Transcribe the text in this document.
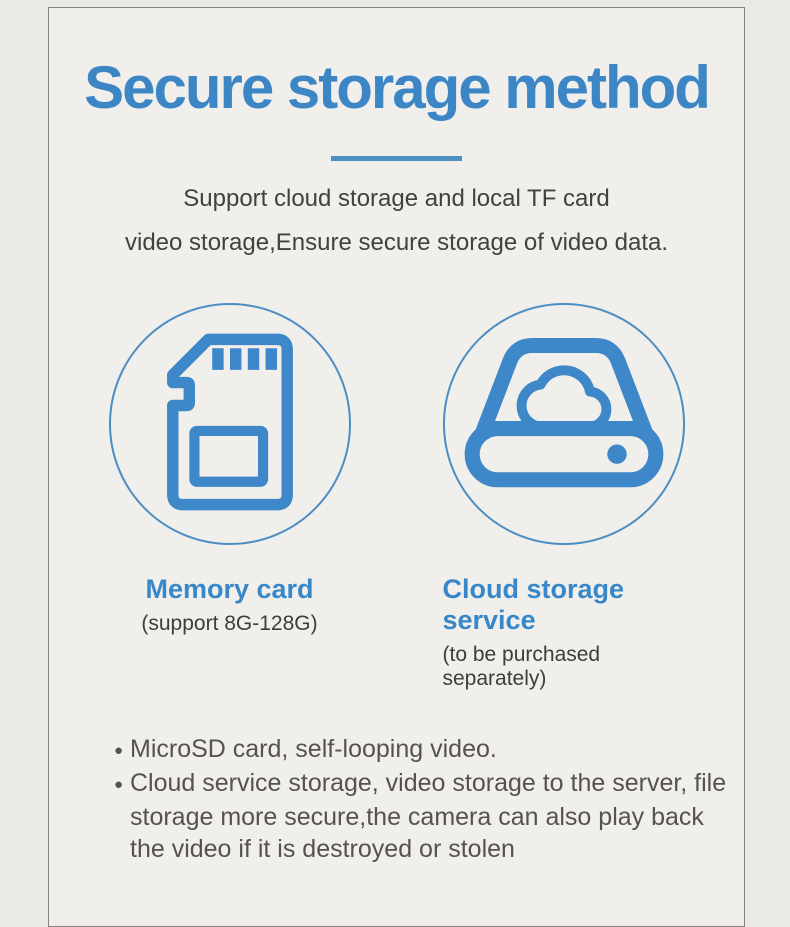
Secure storage method
Support cloud storage and local TF card
video storage,Ensure secure storage of video data.
Memory card
(support 8G-128G)
Cloud storage service
(to be purchased separately)
● MicroSD card, self-looping video.
● Cloud service storage, video storage to the server, file storage more secure,the camera can also play back the video if it is destroyed or stolen
